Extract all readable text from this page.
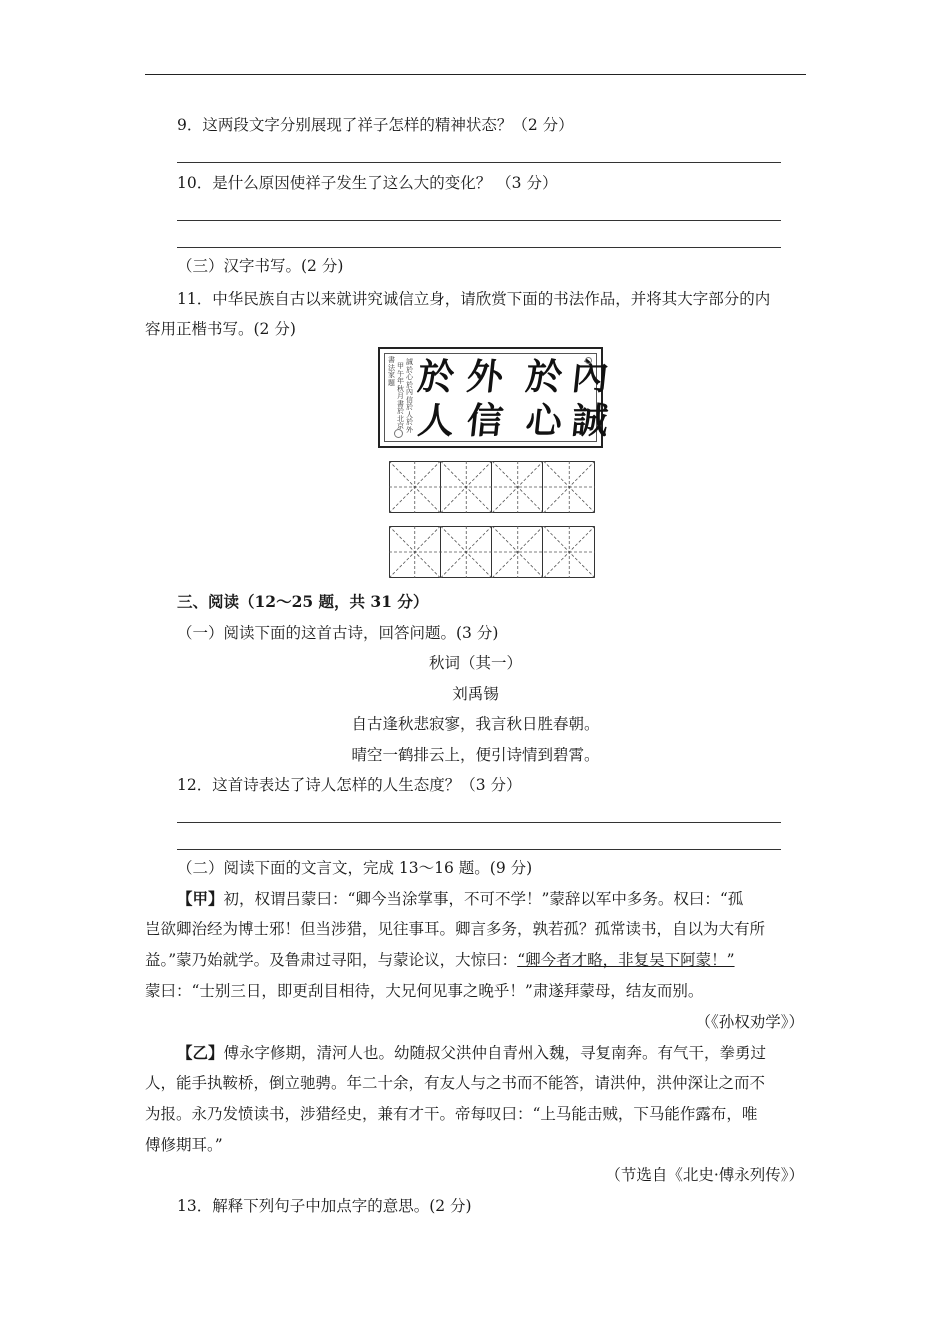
9．这两段文字分别展现了祥子怎样的精神状态？（2 分）
10．是什么原因使祥子发生了这么大的变化？ （3 分）
（三）汉字书写。(2 分)
11．中华民族自古以来就讲究诚信立身，请欣赏下面的书法作品，并将其大字部分的内
容用正楷书写。(2 分)
內
於
外
於
誠
心
信
人
誠於心於內信於人於外
甲午年秋月書於北京
書法家題
三、阅读（12～25 题，共 31 分）
（一）阅读下面的这首古诗，回答问题。(3 分)
秋词（其一）
刘禹锡
自古逢秋悲寂寥，我言秋日胜春朝。
晴空一鹤排云上，便引诗情到碧霄。
12．这首诗表达了诗人怎样的人生态度？（3 分）
（二）阅读下面的文言文，完成 13～16 题。(9 分)
【甲】初，权谓吕蒙曰：“卿今当涂掌事，不可不学！”蒙辞以军中多务。权曰：“孤
岂欲卿治经为博士邪！但当涉猎，见往事耳。卿言多务，孰若孤？孤常读书，自以为大有所
益。”蒙乃始就学。及鲁肃过寻阳，与蒙论议，大惊曰：“卿今者才略，非复吴下阿蒙！”
蒙曰：“士别三日，即更刮目相待，大兄何见事之晚乎！”肃遂拜蒙母，结友而别。
（《孙权劝学》）
【乙】傅永字修期，清河人也。幼随叔父洪仲自青州入魏，寻复南奔。有气干，拳勇过
人，能手执鞍桥，倒立驰骋。年二十余，有友人与之书而不能答，请洪仲，洪仲深让之而不
为报。永乃发愤读书，涉猎经史，兼有才干。帝每叹曰：“上马能击贼，下马能作露布，唯
傅修期耳。”
（节选自《北史·傅永列传》）
13．解释下列句子中加点字的意思。(2 分)
